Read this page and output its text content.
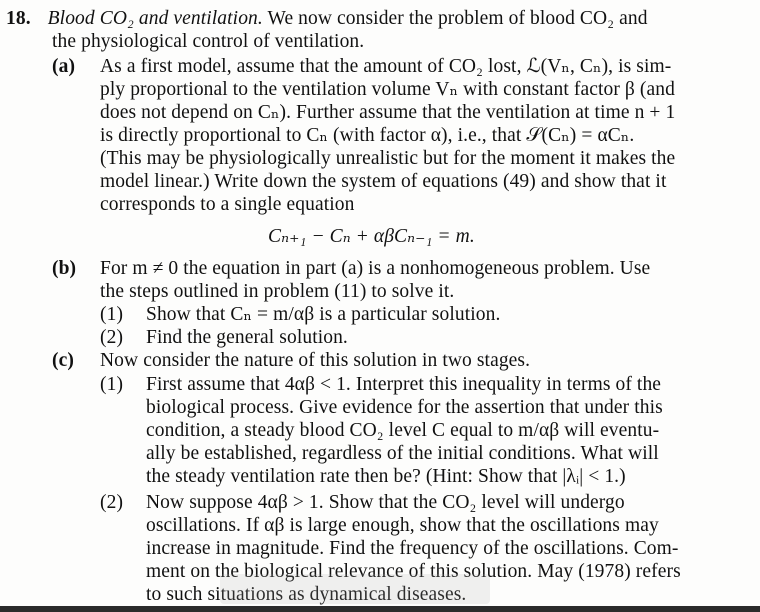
18. Blood CO₂ and ventilation. We now consider the problem of blood CO₂ and
the physiological control of ventilation.
(a) As a first model, assume that the amount of CO₂ lost, ℒ(Vₙ, Cₙ), is sim-
ply proportional to the ventilation volume Vₙ with constant factor β (and
does not depend on Cₙ). Further assume that the ventilation at time n + 1
is directly proportional to Cₙ (with factor α), i.e., that 𝒮(Cₙ) = αCₙ.
(This may be physiologically unrealistic but for the moment it makes the
model linear.) Write down the system of equations (49) and show that it
corresponds to a single equation
Cₙ₊₁ − Cₙ + αβCₙ₋₁ = m.
(b) For m ≠ 0 the equation in part (a) is a nonhomogeneous problem. Use
the steps outlined in problem (11) to solve it.
(1) Show that Cₙ = m/αβ is a particular solution.
(2) Find the general solution.
(c) Now consider the nature of this solution in two stages.
(1) First assume that 4αβ < 1. Interpret this inequality in terms of the
biological process. Give evidence for the assertion that under this
condition, a steady blood CO₂ level C equal to m/αβ will eventu-
ally be established, regardless of the initial conditions. What will
the steady ventilation rate then be? (Hint: Show that |λᵢ| < 1.)
(2) Now suppose 4αβ > 1. Show that the CO₂ level will undergo
oscillations. If αβ is large enough, show that the oscillations may
increase in magnitude. Find the frequency of the oscillations. Com-
ment on the biological relevance of this solution. May (1978) refers
to such situations as dynamical diseases.
